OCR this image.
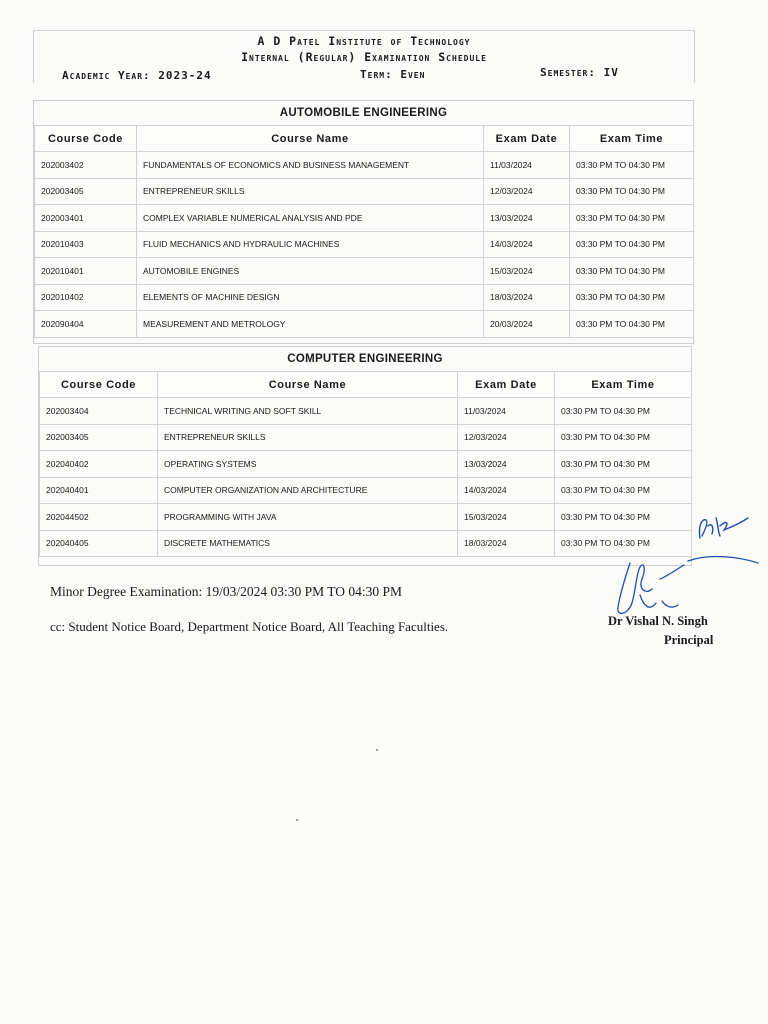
A D Patel Institute of Technology
Internal (Regular) Examination Schedule
Academic Year: 2023-24	Term: Even	Semester: IV
AUTOMOBILE ENGINEERING
Course Code	Course Name	Exam Date	Exam Time
202003402	FUNDAMENTALS OF ECONOMICS AND BUSINESS MANAGEMENT	11/03/2024	03:30 PM TO 04:30 PM
202003405	ENTREPRENEUR SKILLS	12/03/2024	03:30 PM TO 04:30 PM
202003401	COMPLEX VARIABLE NUMERICAL ANALYSIS AND PDE	13/03/2024	03:30 PM TO 04:30 PM
202010403	FLUID MECHANICS AND HYDRAULIC MACHINES	14/03/2024	03:30 PM TO 04:30 PM
202010401	AUTOMOBILE ENGINES	15/03/2024	03:30 PM TO 04:30 PM
202010402	ELEMENTS OF MACHINE DESIGN	18/03/2024	03:30 PM TO 04:30 PM
202090404	MEASUREMENT AND METROLOGY	20/03/2024	03:30 PM TO 04:30 PM
COMPUTER ENGINEERING
Course Code	Course Name	Exam Date	Exam Time
202003404	TECHNICAL WRITING AND SOFT SKILL	11/03/2024	03:30 PM TO 04:30 PM
202003405	ENTREPRENEUR SKILLS	12/03/2024	03:30 PM TO 04:30 PM
202040402	OPERATING SYSTEMS	13/03/2024	03:30 PM TO 04:30 PM
202040401	COMPUTER ORGANIZATION AND ARCHITECTURE	14/03/2024	03:30 PM TO 04:30 PM
202044502	PROGRAMMING WITH JAVA	15/03/2024	03:30 PM TO 04:30 PM
202040405	DISCRETE MATHEMATICS	18/03/2024	03:30 PM TO 04:30 PM
Minor Degree Examination: 19/03/2024 03:30 PM TO 04:30 PM
cc: Student Notice Board, Department Notice Board, All Teaching Faculties.	Dr Vishal N. Singh
Principal
